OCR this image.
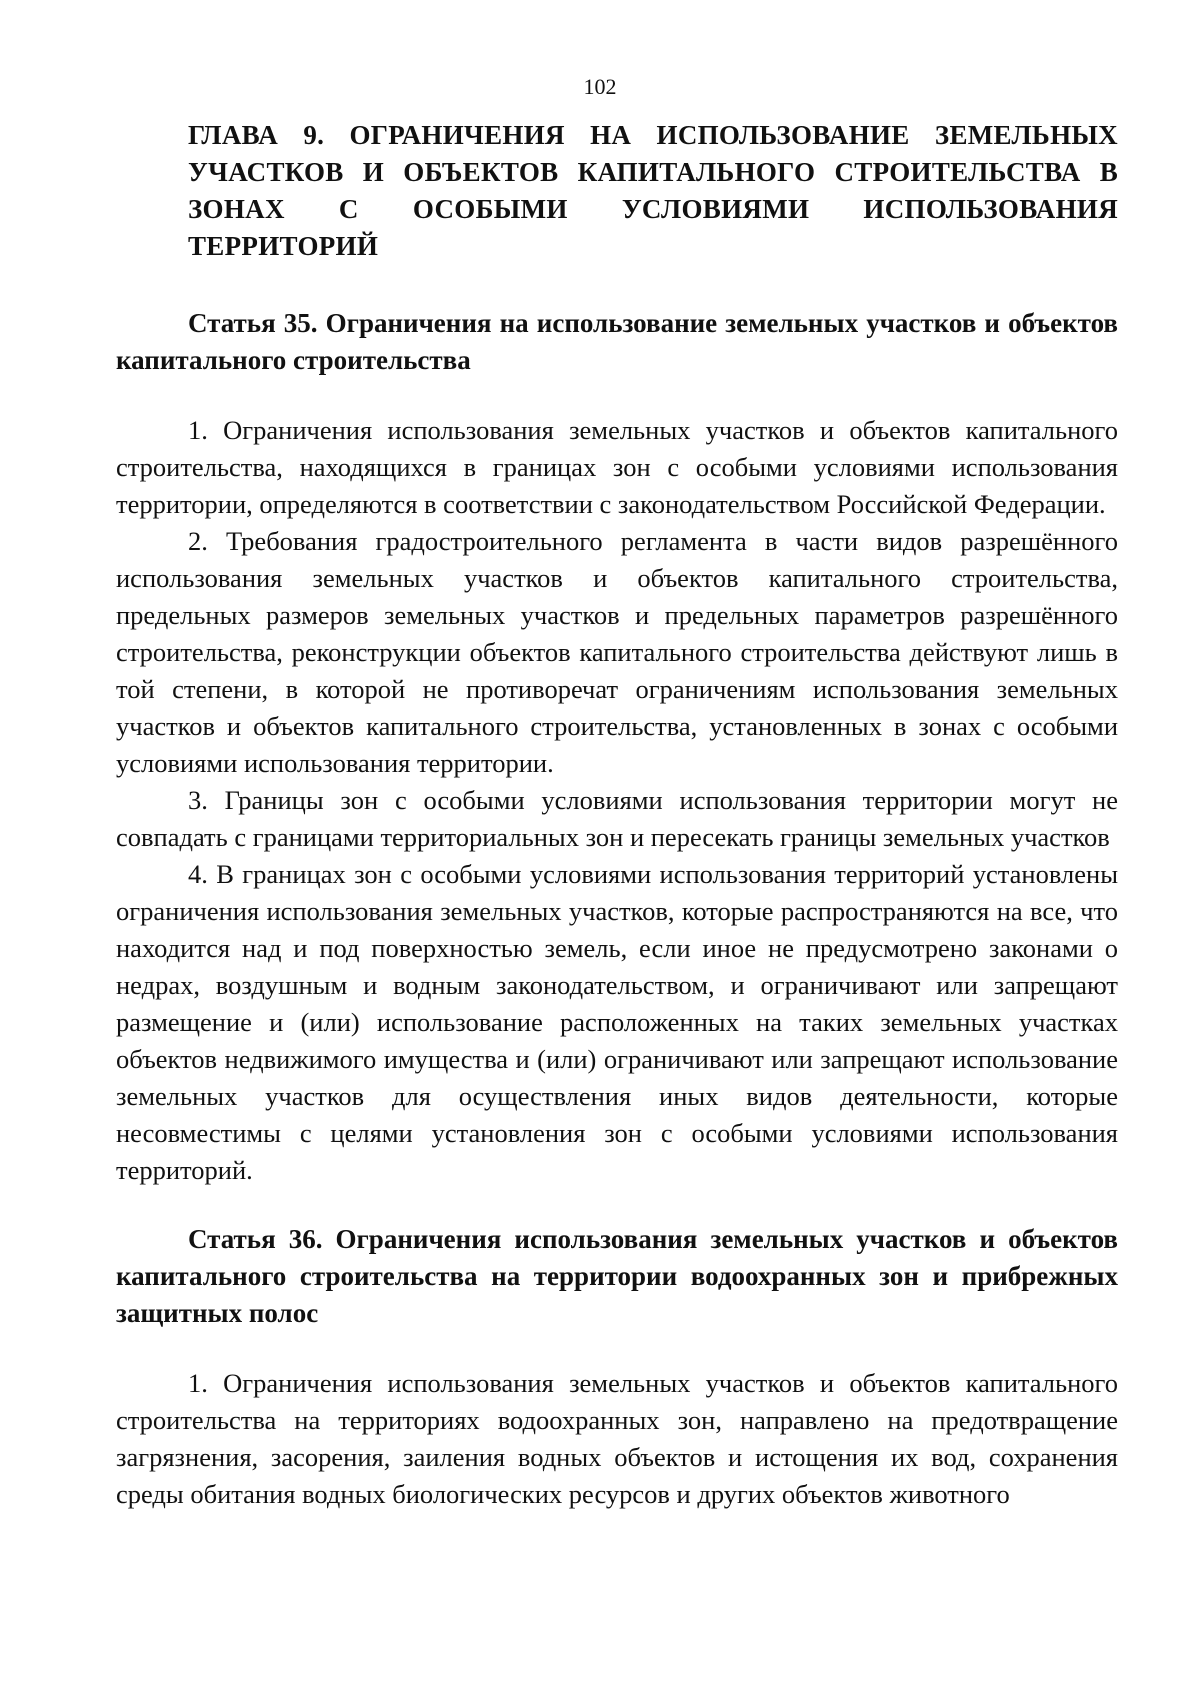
102
ГЛАВА 9. ОГРАНИЧЕНИЯ НА ИСПОЛЬЗОВАНИЕ ЗЕМЕЛЬНЫХ УЧАСТКОВ И ОБЪЕКТОВ КАПИТАЛЬНОГО СТРОИТЕЛЬСТВА В ЗОНАХ С ОСОБЫМИ УСЛОВИЯМИ ИСПОЛЬЗОВАНИЯ ТЕРРИТОРИЙ
Статья 35. Ограничения на использование земельных участков и объектов капитального строительства

1. Ограничения использования земельных участков и объектов капитального строительства, находящихся в границах зон с особыми условиями использования территории, определяются в соответствии с законодательством Российской Федерации.

2. Требования градостроительного регламента в части видов разрешённого использования земельных участков и объектов капитального строительства, предельных размеров земельных участков и предельных параметров разрешённого строительства, реконструкции объектов капитального строительства действуют лишь в той степени, в которой не противоречат ограничениям использования земельных участков и объектов капитального строительства, установленных в зонах с особыми условиями использования территории.

3. Границы зон с особыми условиями использования территории могут не совпадать с границами территориальных зон и пересекать границы земельных участков

4. В границах зон с особыми условиями использования территорий установлены ограничения использования земельных участков, которые распространяются на все, что находится над и под поверхностью земель, если иное не предусмотрено законами о недрах, воздушным и водным законодательством, и ограничивают или запрещают размещение и (или) использование расположенных на таких земельных участках объектов недвижимого имущества и (или) ограничивают или запрещают использование земельных участков для осуществления иных видов деятельности, которые несовместимы с целями установления зон с особыми условиями использования территорий.

Статья 36. Ограничения использования земельных участков и объектов капитального строительства на территории водоохранных зон и прибрежных защитных полос

1. Ограничения использования земельных участков и объектов капитального строительства на территориях водоохранных зон, направлено на предотвращение загрязнения, засорения, заиления водных объектов и истощения их вод, сохранения среды обитания водных биологических ресурсов и других объектов животного
